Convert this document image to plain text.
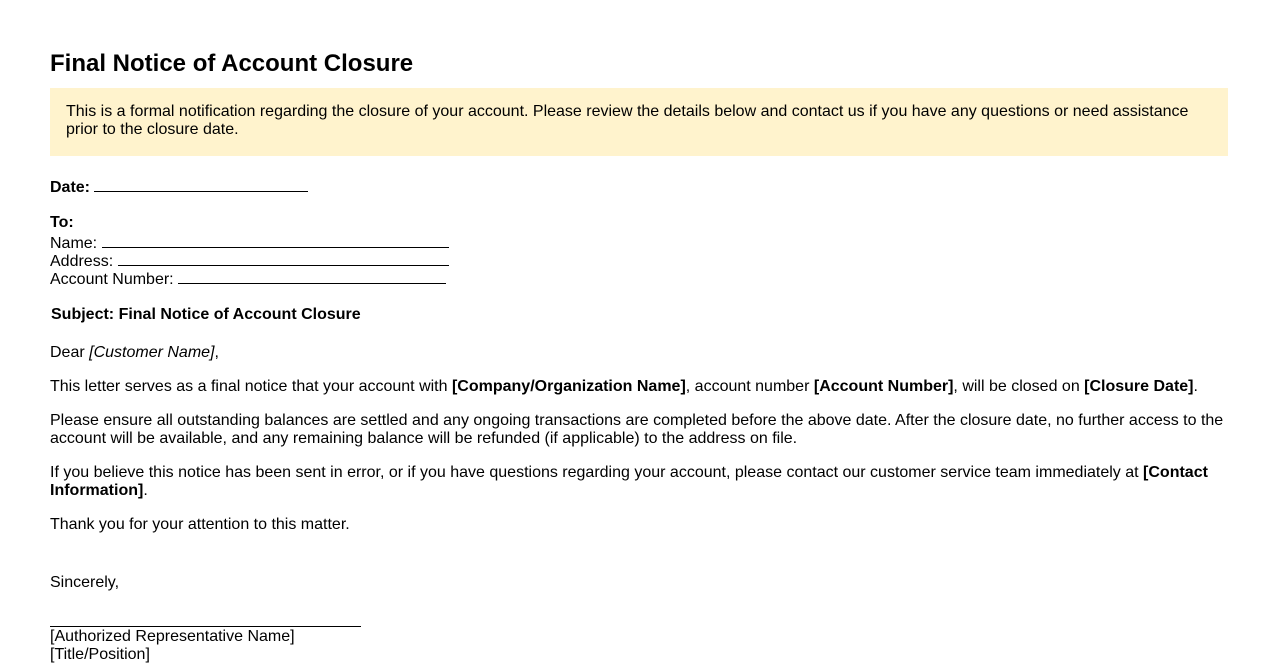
Final Notice of Account Closure

This is a formal notification regarding the closure of your account. Please review the details below and contact us if you have any questions or need assistance prior to the closure date.

Date:
To:
Name:
Address:
Account Number:
Subject: Final Notice of Account Closure
Dear [Customer Name],

This letter serves as a final notice that your account with [Company/Organization Name], account number [Account Number], will be closed on [Closure Date].

Please ensure all outstanding balances are settled and any ongoing transactions are completed before the above date. After the closure date, no further access to the account will be available, and any remaining balance will be refunded (if applicable) to the address on file.

If you believe this notice has been sent in error, or if you have questions regarding your account, please contact our customer service team immediately at [Contact Information].

Thank you for your attention to this matter.
Sincerely,
[Authorized Representative Name]
[Title/Position]
